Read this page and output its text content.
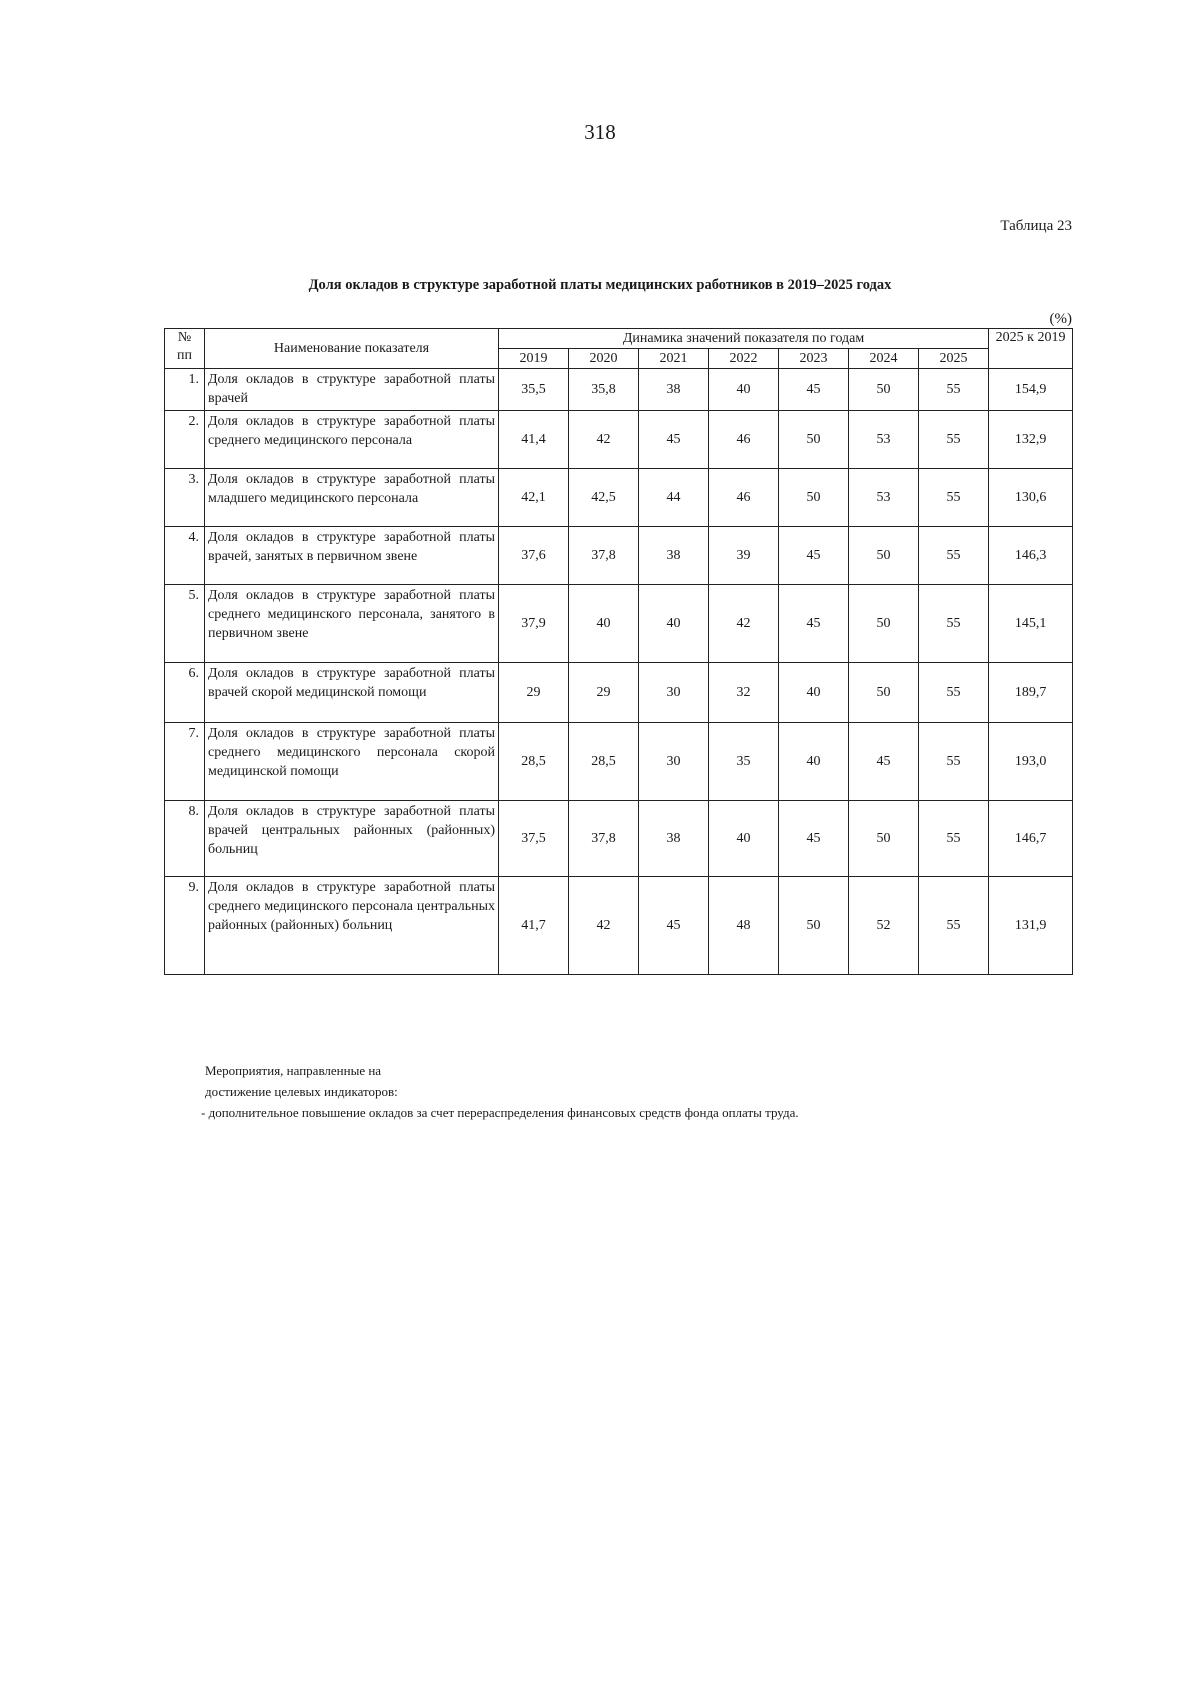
318
Таблица 23
Доля окладов в структуре заработной платы медицинских работников в 2019–2025 годах
(%)
№
пп	Наименование показателя	Динамика значений показателя по годам							2025 к 2019
		2019	2020	2021	2022	2023	2024	2025	
1.	Доля окладов в структуре заработной платы врачей	35,5	35,8	38	40	45	50	55	154,9
2.	Доля окладов в структуре заработной платы среднего медицинского персонала	41,4	42	45	46	50	53	55	132,9
3.	Доля окладов в структуре заработной платы младшего медицинского персонала	42,1	42,5	44	46	50	53	55	130,6
4.	Доля окладов в структуре заработной платы врачей, занятых в первичном звене	37,6	37,8	38	39	45	50	55	146,3
5.	Доля окладов в структуре заработной платы среднего медицинского персонала, занятого в первичном звене	37,9	40	40	42	45	50	55	145,1
6.	Доля окладов в структуре заработной платы врачей скорой медицинской помощи	29	29	30	32	40	50	55	189,7
7.	Доля окладов в структуре заработной платы среднего медицинского персонала скорой медицинской помощи	28,5	28,5	30	35	40	45	55	193,0
8.	Доля окладов в структуре заработной платы врачей центральных районных (районных) больниц	37,5	37,8	38	40	45	50	55	146,7
9.	Доля окладов в структуре заработной платы среднего медицинского персонала центральных районных (районных) больниц	41,7	42	45	48	50	52	55	131,9
Мероприятия, направленные на
достижение целевых индикаторов:
- дополнительное повышение окладов за счет перераспределения финансовых средств фонда оплаты труда.
